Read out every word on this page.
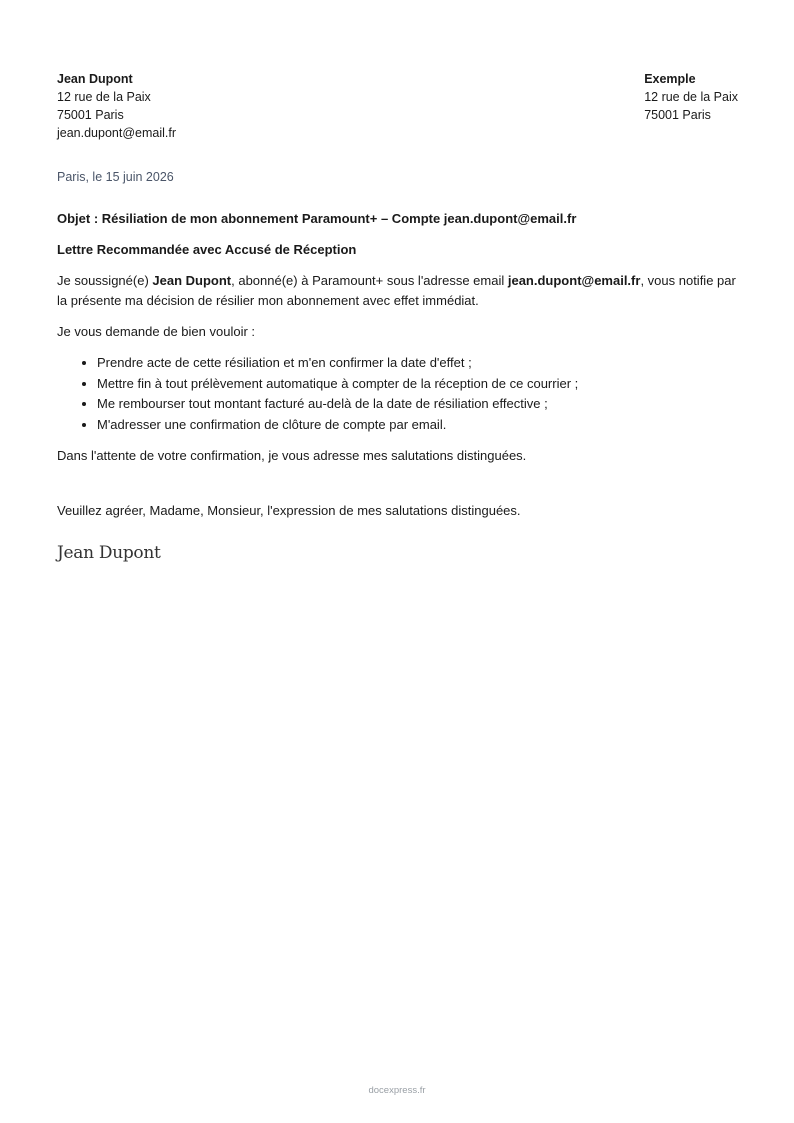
Jean Dupont
12 rue de la Paix
75001 Paris
jean.dupont@email.fr
Exemple
12 rue de la Paix
75001 Paris
Paris, le 15 juin 2026
Objet : Résiliation de mon abonnement Paramount+ – Compte jean.dupont@email.fr
Lettre Recommandée avec Accusé de Réception
Je soussigné(e) Jean Dupont, abonné(e) à Paramount+ sous l'adresse email jean.dupont@email.fr, vous notifie par la présente ma décision de résilier mon abonnement avec effet immédiat.
Je vous demande de bien vouloir :
• Prendre acte de cette résiliation et m'en confirmer la date d'effet ;
• Mettre fin à tout prélèvement automatique à compter de la réception de ce courrier ;
• Me rembourser tout montant facturé au-delà de la date de résiliation effective ;
• M'adresser une confirmation de clôture de compte par email.
Dans l'attente de votre confirmation, je vous adresse mes salutations distinguées.
Veuillez agréer, Madame, Monsieur, l'expression de mes salutations distinguées.
Jean Dupont
docexpress.fr
